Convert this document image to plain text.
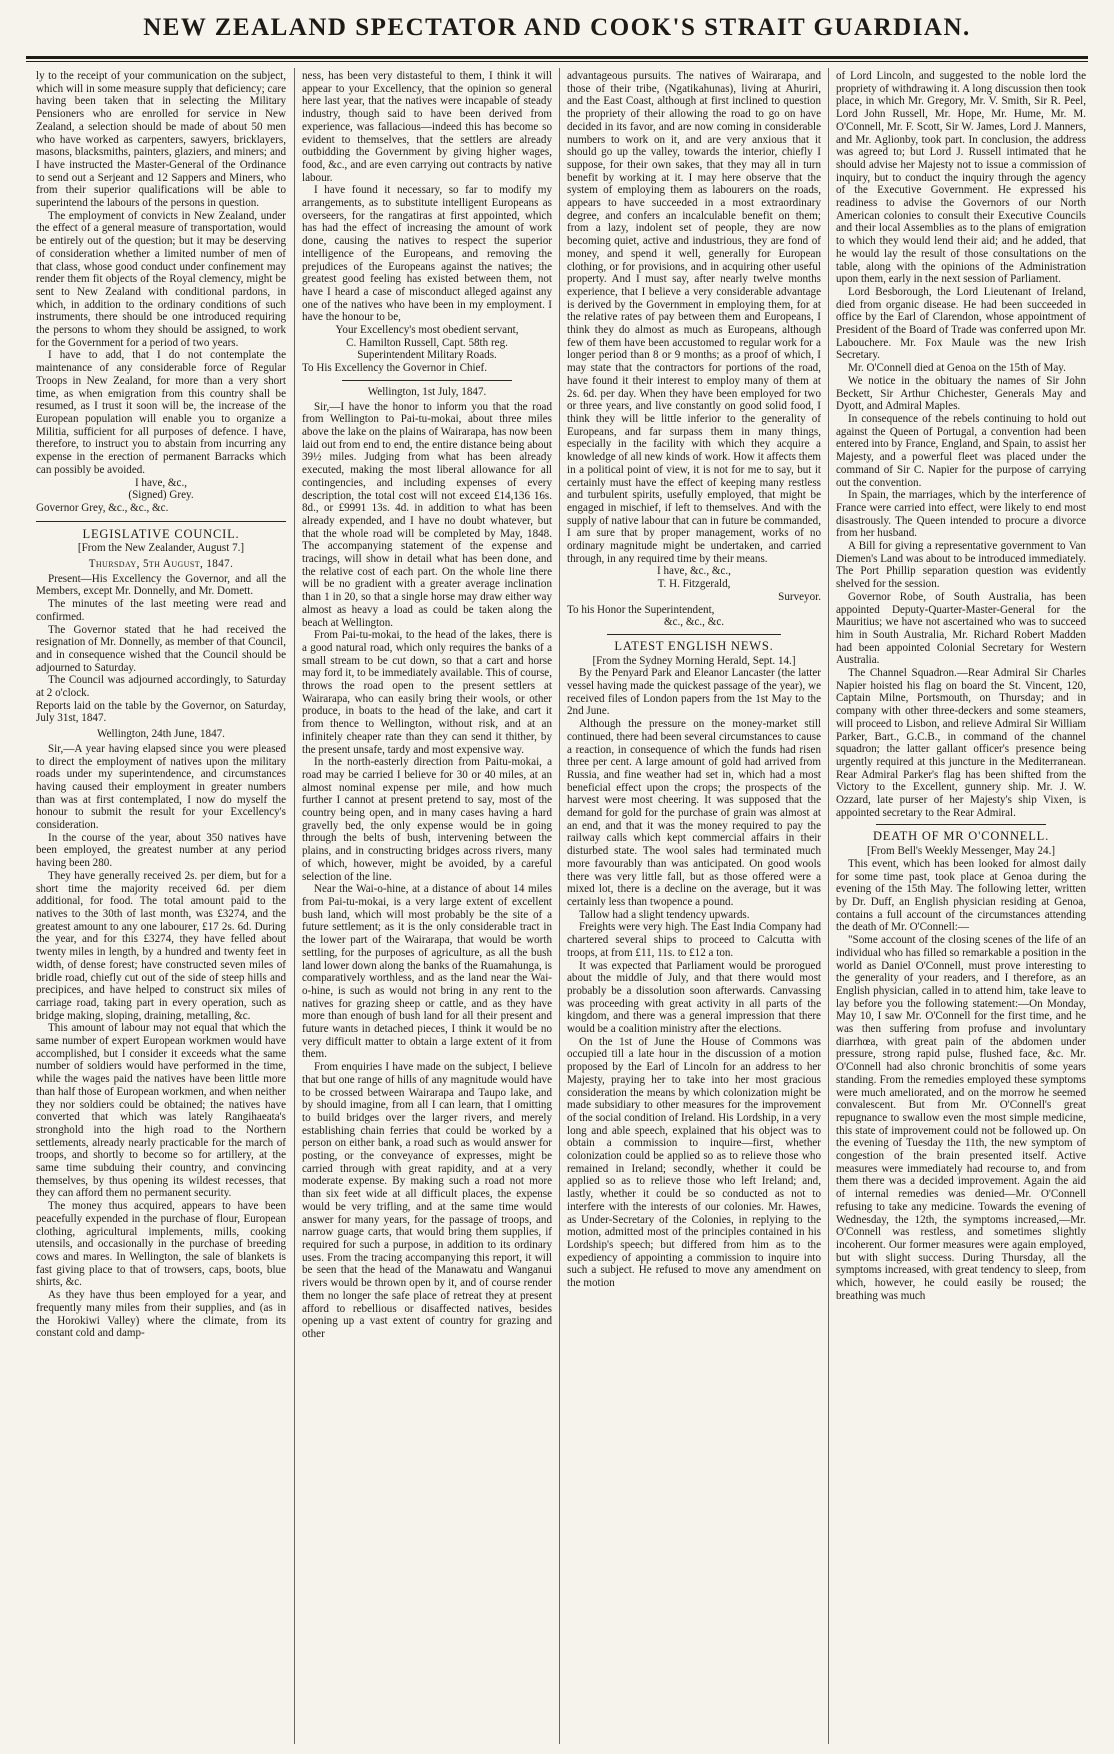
NEW ZEALAND SPECTATOR AND COOK'S STRAIT GUARDIAN.

ly to the receipt of your communication on the subject, which will in some measure supply that deficiency; care having been taken that in selecting the Military Pensioners who are enrolled for service in New Zealand, a selection should be made of about 50 men who have worked as carpenters, sawyers, bricklayers, masons, blacksmiths, painters, glaziers, and miners; and I have instructed the Master-General of the Ordinance to send out a Serjeant and 12 Sappers and Miners, who from their superior qualifications will be able to superintend the labours of the persons in question.

The employment of convicts in New Zealand, under the effect of a general measure of transportation, would be entirely out of the question; but it may be deserving of consideration whether a limited number of men of that class, whose good conduct under confinement may render them fit objects of the Royal clemency, might be sent to New Zealand with conditional pardons, in which, in addition to the ordinary conditions of such instruments, there should be one introduced requiring the persons to whom they should be assigned, to work for the Government for a period of two years.

I have to add, that I do not contemplate the maintenance of any considerable force of Regular Troops in New Zealand, for more than a very short time, as when emigration from this country shall be resumed, as I trust it soon will be, the increase of the European population will enable you to organize a Militia, sufficient for all purposes of defence. I have, therefore, to instruct you to abstain from incurring any expense in the erection of permanent Barracks which can possibly be avoided.

I have, &c.,

(Signed) Grey.

Governor Grey, &c., &c., &c.

LEGISLATIVE COUNCIL.

[From the New Zealander, August 7.]

Thursday, 5th August, 1847.

Present—His Excellency the Governor, and all the Members, except Mr. Donnelly, and Mr. Domett.

The minutes of the last meeting were read and confirmed.

The Governor stated that he had received the resignation of Mr. Donnelly, as member of that Council, and in consequence wished that the Council should be adjourned to Saturday.

The Council was adjourned accordingly, to Saturday at 2 o'clock.

Reports laid on the table by the Governor, on Saturday, July 31st, 1847.

Wellington, 24th June, 1847.

Sir,—A year having elapsed since you were pleased to direct the employment of natives upon the military roads under my superintendence, and circumstances having caused their employment in greater numbers than was at first contemplated, I now do myself the honour to submit the result for your Excellency's consideration.

In the course of the year, about 350 natives have been employed, the greatest number at any period having been 280.

They have generally received 2s. per diem, but for a short time the majority received 6d. per diem additional, for food. The total amount paid to the natives to the 30th of last month, was £3274, and the greatest amount to any one labourer, £17 2s. 6d. During the year, and for this £3274, they have felled about twenty miles in length, by a hundred and twenty feet in width, of dense forest; have constructed seven miles of bridle road, chiefly cut out of the side of steep hills and precipices, and have helped to construct six miles of carriage road, taking part in every operation, such as bridge making, sloping, draining, metalling, &c.

This amount of labour may not equal that which the same number of expert European workmen would have accomplished, but I consider it exceeds what the same number of soldiers would have performed in the time, while the wages paid the natives have been little more than half those of European workmen, and when neither they nor soldiers could be obtained; the natives have converted that which was lately Rangihaeata's stronghold into the high road to the Northern settlements, already nearly practicable for the march of troops, and shortly to become so for artillery, at the same time subduing their country, and convincing themselves, by thus opening its wildest recesses, that they can afford them no permanent security.

The money thus acquired, appears to have been peacefully expended in the purchase of flour, European clothing, agricultural implements, mills, cooking utensils, and occasionally in the purchase of breeding cows and mares. In Wellington, the sale of blankets is fast giving place to that of trowsers, caps, boots, blue shirts, &c.

As they have thus been employed for a year, and frequently many miles from their supplies, and (as in the Horokiwi Valley) where the climate, from its constant cold and damp-

ness, has been very distasteful to them, I think it will appear to your Excellency, that the opinion so general here last year, that the natives were incapable of steady industry, though said to have been derived from experience, was fallacious—indeed this has become so evident to themselves, that the settlers are already outbidding the Government by giving higher wages, food, &c., and are even carrying out contracts by native labour.

I have found it necessary, so far to modify my arrangements, as to substitute intelligent Europeans as overseers, for the rangatiras at first appointed, which has had the effect of increasing the amount of work done, causing the natives to respect the superior intelligence of the Europeans, and removing the prejudices of the Europeans against the natives; the greatest good feeling has existed between them, not have I heard a case of misconduct alleged against any one of the natives who have been in my employment. I have the honour to be,

Your Excellency's most obedient servant,

C. Hamilton Russell, Capt. 58th reg.

Superintendent Military Roads.

To His Excellency the Governor in Chief.

Wellington, 1st July, 1847.

Sir,—I have the honor to inform you that the road from Wellington to Pai-tu-mokai, about three miles above the lake on the plains of Wairarapa, has now been laid out from end to end, the entire distance being about 39½ miles. Judging from what has been already executed, making the most liberal allowance for all contingencies, and including expenses of every description, the total cost will not exceed £14,136 16s. 8d., or £9991 13s. 4d. in addition to what has been already expended, and I have no doubt whatever, but that the whole road will be completed by May, 1848. The accompanying statement of the expense and tracings, will show in detail what has been done, and the relative cost of each part. On the whole line there will be no gradient with a greater average inclination than 1 in 20, so that a single horse may draw either way almost as heavy a load as could be taken along the beach at Wellington.

From Pai-tu-mokai, to the head of the lakes, there is a good natural road, which only requires the banks of a small stream to be cut down, so that a cart and horse may ford it, to be immediately available. This of course, throws the road open to the present settlers at Wairarapa, who can easily bring their wools, or other produce, in boats to the head of the lake, and cart it from thence to Wellington, without risk, and at an infinitely cheaper rate than they can send it thither, by the present unsafe, tardy and most expensive way.

In the north-easterly direction from Paitu-mokai, a road may be carried I believe for 30 or 40 miles, at an almost nominal expense per mile, and how much further I cannot at present pretend to say, most of the country being open, and in many cases having a hard gravelly bed, the only expense would be in going through the belts of bush, intervening between the plains, and in constructing bridges across rivers, many of which, however, might be avoided, by a careful selection of the line.

Near the Wai-o-hine, at a distance of about 14 miles from Pai-tu-mokai, is a very large extent of excellent bush land, which will most probably be the site of a future settlement; as it is the only considerable tract in the lower part of the Wairarapa, that would be worth settling, for the purposes of agriculture, as all the bush land lower down along the banks of the Ruamahunga, is comparatively worthless, and as the land near the Wai-o-hine, is such as would not bring in any rent to the natives for grazing sheep or cattle, and as they have more than enough of bush land for all their present and future wants in detached pieces, I think it would be no very difficult matter to obtain a large extent of it from them.

From enquiries I have made on the subject, I believe that but one range of hills of any magnitude would have to be crossed between Wairarapa and Taupo lake, and by should imagine, from all I can learn, that I omitting to build bridges over the larger rivers, and merely establishing chain ferries that could be worked by a person on either bank, a road such as would answer for posting, or the conveyance of expresses, might be carried through with great rapidity, and at a very moderate expense. By making such a road not more than six feet wide at all difficult places, the expense would be very trifling, and at the same time would answer for many years, for the passage of troops, and narrow guage carts, that would bring them supplies, if required for such a purpose, in addition to its ordinary uses. From the tracing accompanying this report, it will be seen that the head of the Manawatu and Wanganui rivers would be thrown open by it, and of course render them no longer the safe place of retreat they at present afford to rebellious or disaffected natives, besides opening up a vast extent of country for grazing and other

advantageous pursuits. The natives of Wairarapa, and those of their tribe, (Ngatikahunas), living at Ahuriri, and the East Coast, although at first inclined to question the propriety of their allowing the road to go on have decided in its favor, and are now coming in considerable numbers to work on it, and are very anxious that it should go up the valley, towards the interior, chiefly I suppose, for their own sakes, that they may all in turn benefit by working at it. I may here observe that the system of employing them as labourers on the roads, appears to have succeeded in a most extraordinary degree, and confers an incalculable benefit on them; from a lazy, indolent set of people, they are now becoming quiet, active and industrious, they are fond of money, and spend it well, generally for European clothing, or for provisions, and in acquiring other useful property. And I must say, after nearly twelve months experience, that I believe a very considerable advantage is derived by the Government in employing them, for at the relative rates of pay between them and Europeans, I think they do almost as much as Europeans, although few of them have been accustomed to regular work for a longer period than 8 or 9 months; as a proof of which, I may state that the contractors for portions of the road, have found it their interest to employ many of them at 2s. 6d. per day. When they have been employed for two or three years, and live constantly on good solid food, I think they will be little inferior to the generality of Europeans, and far surpass them in many things, especially in the facility with which they acquire a knowledge of all new kinds of work. How it affects them in a political point of view, it is not for me to say, but it certainly must have the effect of keeping many restless and turbulent spirits, usefully employed, that might be engaged in mischief, if left to themselves. And with the supply of native labour that can in future be commanded, I am sure that by proper management, works of no ordinary magnitude might be undertaken, and carried through, in any required time by their means.

I have, &c., &c.,

T. H. Fitzgerald,

Surveyor.

To his Honor the Superintendent,

&c., &c., &c.

LATEST ENGLISH NEWS.

[From the Sydney Morning Herald, Sept. 14.]

By the Penyard Park and Eleanor Lancaster (the latter vessel having made the quickest passage of the year), we received files of London papers from the 1st May to the 2nd June.

Although the pressure on the money-market still continued, there had been several circumstances to cause a reaction, in consequence of which the funds had risen three per cent. A large amount of gold had arrived from Russia, and fine weather had set in, which had a most beneficial effect upon the crops; the prospects of the harvest were most cheering. It was supposed that the demand for gold for the purchase of grain was almost at an end, and that it was the money required to pay the railway calls which kept commercial affairs in their disturbed state. The wool sales had terminated much more favourably than was anticipated. On good wools there was very little fall, but as those offered were a mixed lot, there is a decline on the average, but it was certainly less than twopence a pound.

Tallow had a slight tendency upwards.

Freights were very high. The East India Company had chartered several ships to proceed to Calcutta with troops, at from £11, 11s. to £12 a ton.

It was expected that Parliament would be prorogued about the middle of July, and that there would most probably be a dissolution soon afterwards. Canvassing was proceeding with great activity in all parts of the kingdom, and there was a general impression that there would be a coalition ministry after the elections.

On the 1st of June the House of Commons was occupied till a late hour in the discussion of a motion proposed by the Earl of Lincoln for an address to her Majesty, praying her to take into her most gracious consideration the means by which colonization might be made subsidiary to other measures for the improvement of the social condition of Ireland. His Lordship, in a very long and able speech, explained that his object was to obtain a commission to inquire—first, whether colonization could be applied so as to relieve those who remained in Ireland; secondly, whether it could be applied so as to relieve those who left Ireland; and, lastly, whether it could be so conducted as not to interfere with the interests of our colonies. Mr. Hawes, as Under-Secretary of the Colonies, in replying to the motion, admitted most of the principles contained in his Lordship's speech; but differed from him as to the expediency of appointing a commission to inquire into such a subject. He refused to move any amendment on the motion

of Lord Lincoln, and suggested to the noble lord the propriety of withdrawing it. A long discussion then took place, in which Mr. Gregory, Mr. V. Smith, Sir R. Peel, Lord John Russell, Mr. Hope, Mr. Hume, Mr. M. O'Connell, Mr. F. Scott, Sir W. James, Lord J. Manners, and Mr. Aglionby, took part. In conclusion, the address was agreed to; but Lord J. Russell intimated that he should advise her Majesty not to issue a commission of inquiry, but to conduct the inquiry through the agency of the Executive Government. He expressed his readiness to advise the Governors of our North American colonies to consult their Executive Councils and their local Assemblies as to the plans of emigration to which they would lend their aid; and he added, that he would lay the result of those consultations on the table, along with the opinions of the Administration upon them, early in the next session of Parliament.

Lord Besborough, the Lord Lieutenant of Ireland, died from organic disease. He had been succeeded in office by the Earl of Clarendon, whose appointment of President of the Board of Trade was conferred upon Mr. Labouchere. Mr. Fox Maule was the new Irish Secretary.

Mr. O'Connell died at Genoa on the 15th of May.

We notice in the obituary the names of Sir John Beckett, Sir Arthur Chichester, Generals May and Dyott, and Admiral Maples.

In consequence of the rebels continuing to hold out against the Queen of Portugal, a convention had been entered into by France, England, and Spain, to assist her Majesty, and a powerful fleet was placed under the command of Sir C. Napier for the purpose of carrying out the convention.

In Spain, the marriages, which by the interference of France were carried into effect, were likely to end most disastrously. The Queen intended to procure a divorce from her husband.

A Bill for giving a representative government to Van Diemen's Land was about to be introduced immediately. The Port Phillip separation question was evidently shelved for the session.

Governor Robe, of South Australia, has been appointed Deputy-Quarter-Master-General for the Mauritius; we have not ascertained who was to succeed him in South Australia, Mr. Richard Robert Madden had been appointed Colonial Secretary for Western Australia.

The Channel Squadron.—Rear Admiral Sir Charles Napier hoisted his flag on board the St. Vincent, 120, Captain Milne, Portsmouth, on Thursday; and in company with other three-deckers and some steamers, will proceed to Lisbon, and relieve Admiral Sir William Parker, Bart., G.C.B., in command of the channel squadron; the latter gallant officer's presence being urgently required at this juncture in the Mediterranean. Rear Admiral Parker's flag has been shifted from the Victory to the Excellent, gunnery ship. Mr. J. W. Ozzard, late purser of her Majesty's ship Vixen, is appointed secretary to the Rear Admiral.

DEATH OF MR O'CONNELL.

[From Bell's Weekly Messenger, May 24.]

This event, which has been looked for almost daily for some time past, took place at Genoa during the evening of the 15th May. The following letter, written by Dr. Duff, an English physician residing at Genoa, contains a full account of the circumstances attending the death of Mr. O'Connell:—

"Some account of the closing scenes of the life of an individual who has filled so remarkable a position in the world as Daniel O'Connell, must prove interesting to the generality of your readers, and I therefore, as an English physician, called in to attend him, take leave to lay before you the following statement:—On Monday, May 10, I saw Mr. O'Connell for the first time, and he was then suffering from profuse and involuntary diarrhœa, with great pain of the abdomen under pressure, strong rapid pulse, flushed face, &c. Mr. O'Connell had also chronic bronchitis of some years standing. From the remedies employed these symptoms were much ameliorated, and on the morrow he seemed convalescent. But from Mr. O'Connell's great repugnance to swallow even the most simple medicine, this state of improvement could not be followed up. On the evening of Tuesday the 11th, the new symptom of congestion of the brain presented itself. Active measures were immediately had recourse to, and from them there was a decided improvement. Again the aid of internal remedies was denied—Mr. O'Connell refusing to take any medicine. Towards the evening of Wednesday, the 12th, the symptoms increased,—Mr. O'Connell was restless, and sometimes slightly incoherent. Our former measures were again employed, but with slight success. During Thursday, all the symptoms increased, with great tendency to sleep, from which, however, he could easily be roused; the breathing was much
